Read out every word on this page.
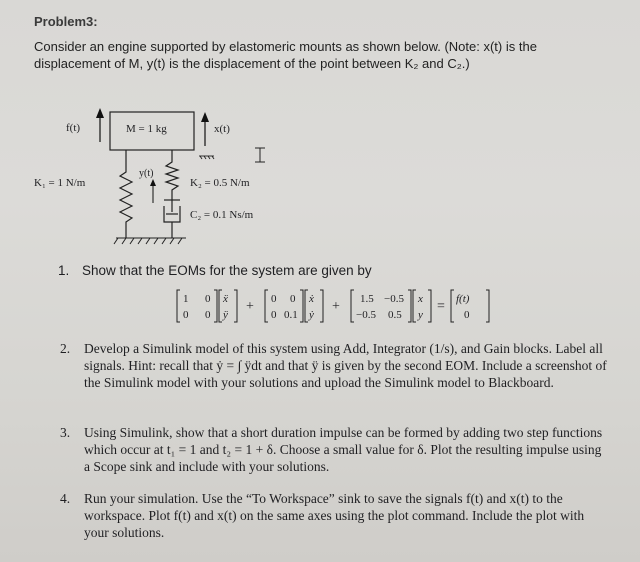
Problem3:
Consider an engine supported by elastomeric mounts as shown below. (Note: x(t) is the displacement of M, y(t) is the displacement of the point between K₂ and C₂.)
f(t)	M = 1 kg	x(t)
K₁ = 1 N/m
y(t)
K₂ = 0.5 N/m
C₂ = 0.1 Ns/m
1. Show that the EOMs for the system are given by
1 0
0 0
ẍ
ÿ
+ 0 0
0 0.1
ẋ
ẏ
+ 1.5 −0.5
−0.5 0.5
x
y
= f(t)
0
2. Develop a Simulink model of this system using Add, Integrator (1/s), and Gain blocks. Label all signals. Hint: recall that ẏ = ∫ ÿdt and that ÿ is given by the second EOM. Include a screenshot of the Simulink model with your solutions and upload the Simulink model to Blackboard.
3. Using Simulink, show that a short duration impulse can be formed by adding two step functions which occur at t₁ = 1 and t₂ = 1 + δ. Choose a small value for δ. Plot the resulting impulse using a Scope sink and include with your solutions.
4. Run your simulation. Use the “To Workspace” sink to save the signals f(t) and x(t) to the workspace. Plot f(t) and x(t) on the same axes using the plot command. Include the plot with your solutions.
